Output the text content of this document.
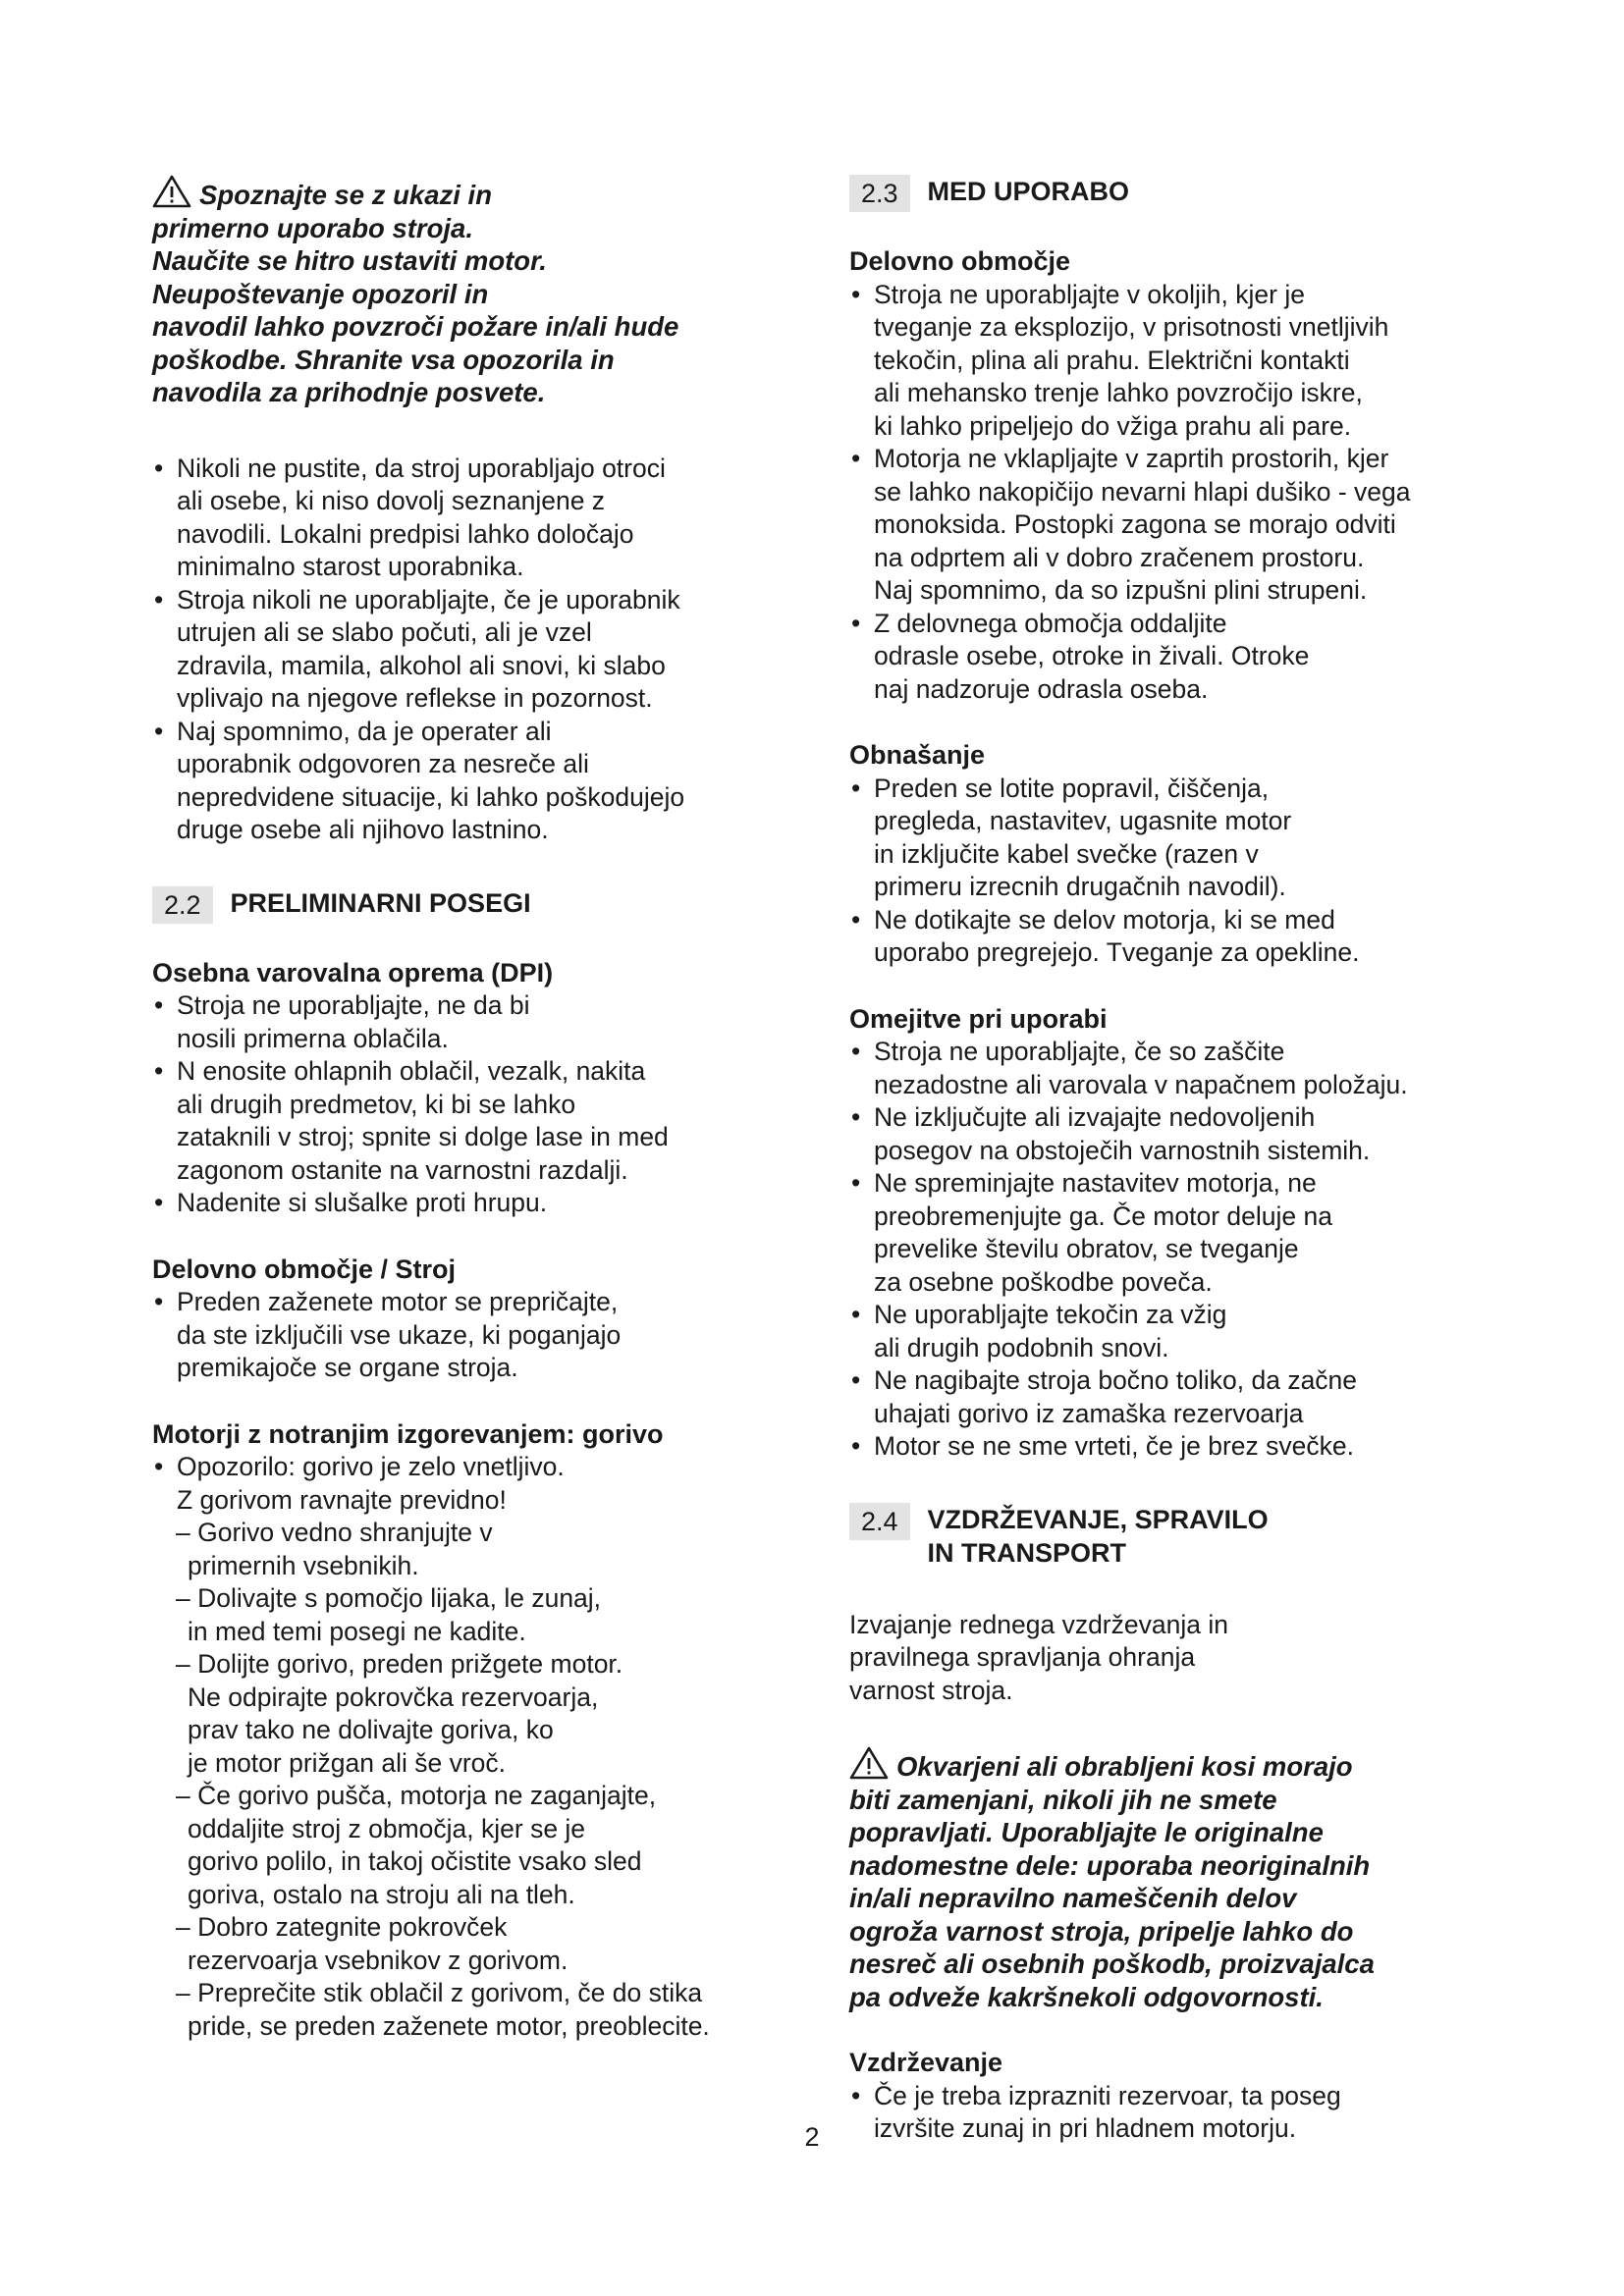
Spoznajte se z ukazi in
primerno uporabo stroja.
Naučite se hitro ustaviti motor.
Neupoštevanje opozoril in
navodil lahko povzroči požare in/ali hude
poškodbe. Shranite vsa opozorila in
navodila za prihodnje posvete.
• Nikoli ne pustite, da stroj uporabljajo otroci
ali osebe, ki niso dovolj seznanjene z
navodili. Lokalni predpisi lahko določajo
minimalno starost uporabnika.
• Stroja nikoli ne uporabljajte, če je uporabnik
utrujen ali se slabo počuti, ali je vzel
zdravila, mamila, alkohol ali snovi, ki slabo
vplivajo na njegove reflekse in pozornost.
• Naj spomnimo, da je operater ali
uporabnik odgovoren za nesreče ali
nepredvidene situacije, ki lahko poškodujejo
druge osebe ali njihovo lastnino.
2.2	PRELIMINARNI POSEGI
Osebna varovalna oprema (DPI)
• Stroja ne uporabljajte, ne da bi
nosili primerna oblačila.
• N enosite ohlapnih oblačil, vezalk, nakita
ali drugih predmetov, ki bi se lahko
zataknili v stroj; spnite si dolge lase in med
zagonom ostanite na varnostni razdalji.
• Nadenite si slušalke proti hrupu.
Delovno območje / Stroj
• Preden zaženete motor se prepričajte,
da ste izključili vse ukaze, ki poganjajo
premikajoče se organe stroja.
Motorji z notranjim izgorevanjem: gorivo
• Opozorilo: gorivo je zelo vnetljivo.
Z gorivom ravnajte previdno!
– Gorivo vedno shranjujte v
primernih vsebnikih.
– Dolivajte s pomočjo lijaka, le zunaj,
in med temi posegi ne kadite.
– Dolijte gorivo, preden prižgete motor.
Ne odpirajte pokrovčka rezervoarja,
prav tako ne dolivajte goriva, ko
je motor prižgan ali še vroč.
– Če gorivo pušča, motorja ne zaganjajte,
oddaljite stroj z območja, kjer se je
gorivo polilo, in takoj očistite vsako sled
goriva, ostalo na stroju ali na tleh.
– Dobro zategnite pokrovček
rezervoarja vsebnikov z gorivom.
– Preprečite stik oblačil z gorivom, če do stika
pride, se preden zaženete motor, preoblecite.
2.3	MED UPORABO
Delovno območje
• Stroja ne uporabljajte v okoljih, kjer je
tveganje za eksplozijo, v prisotnosti vnetljivih
tekočin, plina ali prahu. Električni kontakti
ali mehansko trenje lahko povzročijo iskre,
ki lahko pripeljejo do vžiga prahu ali pare.
• Motorja ne vklapljajte v zaprtih prostorih, kjer
se lahko nakopičijo nevarni hlapi dušiko - vega
monoksida. Postopki zagona se morajo odviti
na odprtem ali v dobro zračenem prostoru.
Naj spomnimo, da so izpušni plini strupeni.
• Z delovnega območja oddaljite
odrasle osebe, otroke in živali. Otroke
naj nadzoruje odrasla oseba.
Obnašanje
• Preden se lotite popravil, čiščenja,
pregleda, nastavitev, ugasnite motor
in izključite kabel svečke (razen v
primeru izrecnih drugačnih navodil).
• Ne dotikajte se delov motorja, ki se med
uporabo pregrejejo. Tveganje za opekline.
Omejitve pri uporabi
• Stroja ne uporabljajte, če so zaščite
nezadostne ali varovala v napačnem položaju.
• Ne izključujte ali izvajajte nedovoljenih
posegov na obstoječih varnostnih sistemih.
• Ne spreminjajte nastavitev motorja, ne
preobremenjujte ga. Če motor deluje na
prevelike številu obratov, se tveganje
za osebne poškodbe poveča.
• Ne uporabljajte tekočin za vžig
ali drugih podobnih snovi.
• Ne nagibajte stroja bočno toliko, da začne
uhajati gorivo iz zamaška rezervoarja
• Motor se ne sme vrteti, če je brez svečke.
2.4	VZDRŽEVANJE, SPRAVILO
IN TRANSPORT
Izvajanje rednega vzdrževanja in
pravilnega spravljanja ohranja
varnost stroja.
Okvarjeni ali obrabljeni kosi morajo
biti zamenjani, nikoli jih ne smete
popravljati. Uporabljajte le originalne
nadomestne dele: uporaba neoriginalnih
in/ali nepravilno nameščenih delov
ogroža varnost stroja, pripelje lahko do
nesreč ali osebnih poškodb, proizvajalca
pa odveže kakršnekoli odgovornosti.
Vzdrževanje
• Če je treba izprazniti rezervoar, ta poseg
izvršite zunaj in pri hladnem motorju.
2
